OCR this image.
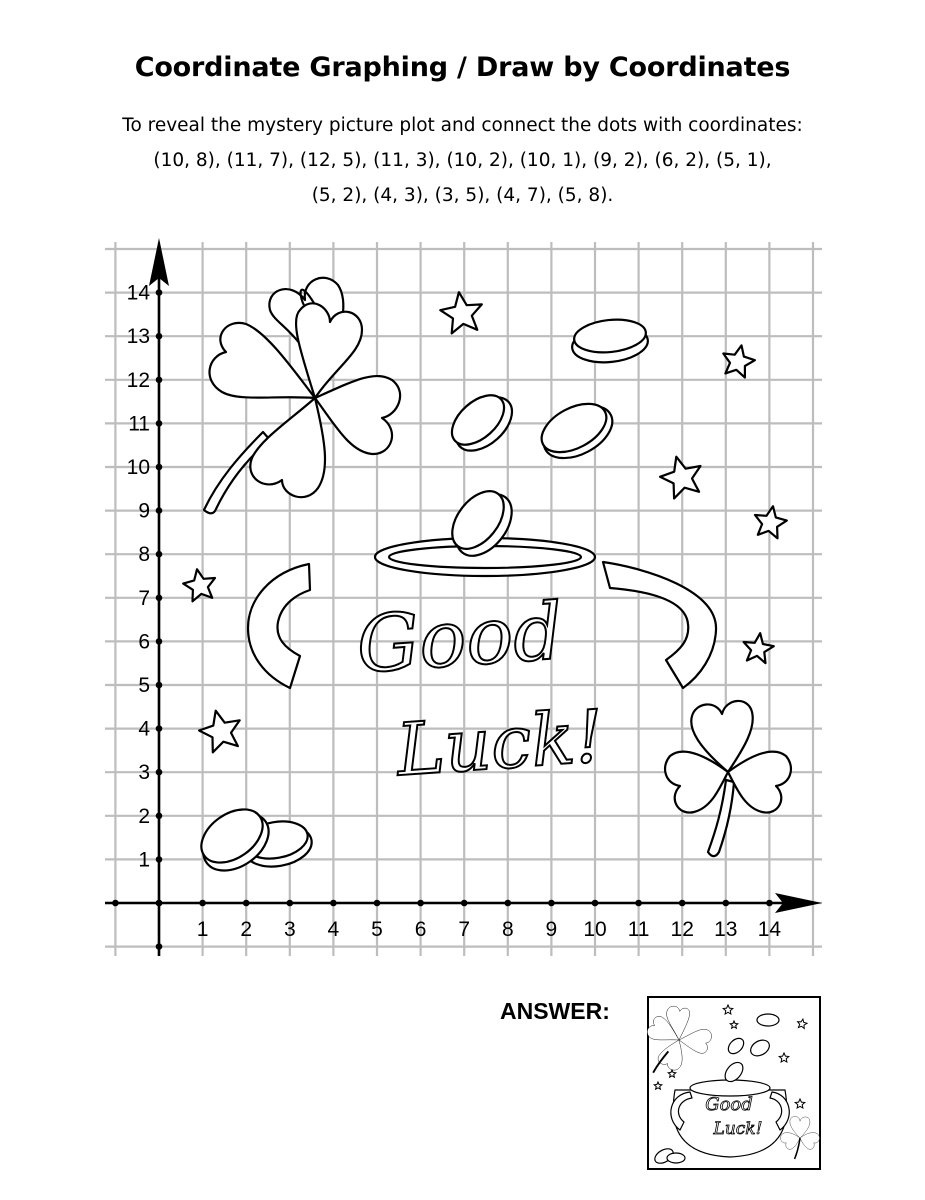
Coordinate Graphing / Draw by Coordinates
To reveal the mystery picture plot and connect the dots with coordinates:
(10, 8), (11, 7), (12, 5), (11, 3), (10, 2), (10, 1), (9, 2), (6, 2), (5, 1),
(5, 2), (4, 3), (3, 5), (4, 7), (5, 8).
1 2 3 4 5 6 7 8 9 10 11 12 13 14
1
2
3
4
5
6
7
8
9
10
11
12
13
14
Good
Luck!
Good
Luck!
ANSWER:
